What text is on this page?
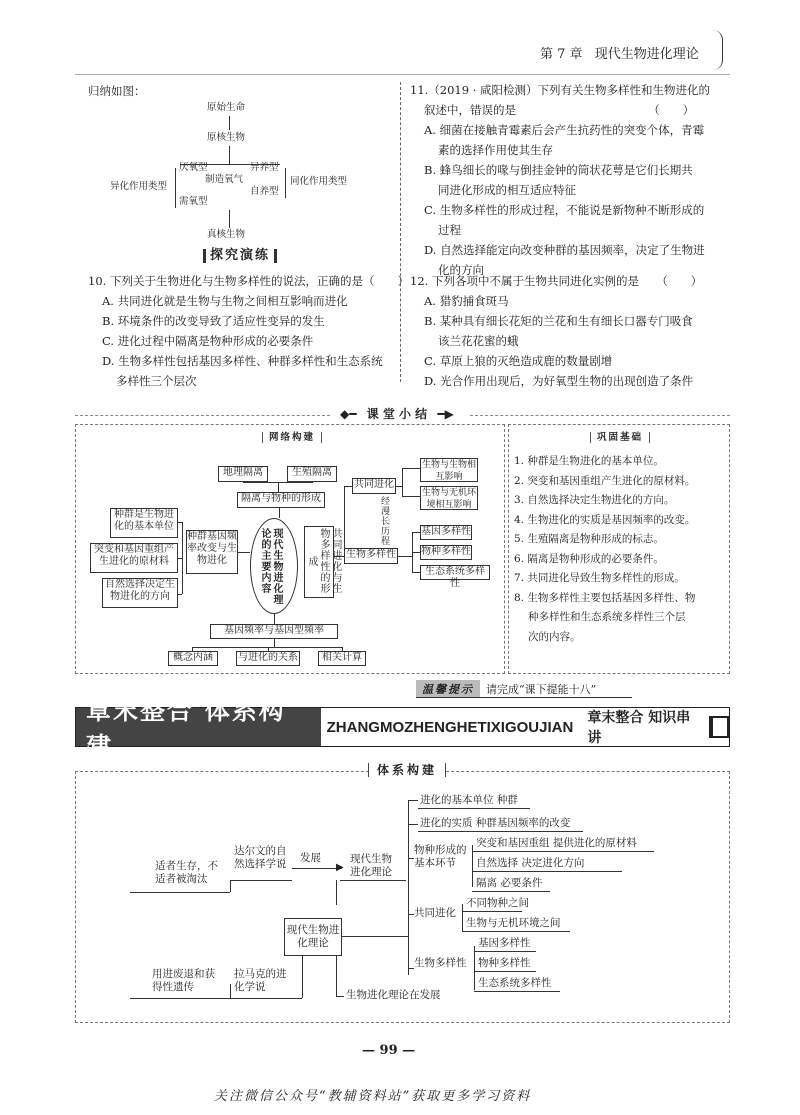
第 7 章 现代生物进化理论
归纳如图：
原始生命
原核生物
厌氧型	异养型
制造氧气
自养型
需氧型
异化作用类型	同化作用类型
真核生物
探究演练
10. 下列关于生物进化与生物多样性的说法，正确的是（　　）
A. 共同进化就是生物与生物之间相互影响而进化
B. 环境条件的改变导致了适应性变异的发生
C. 进化过程中隔离是物种形成的必要条件
D. 生物多样性包括基因多样性、种群多样性和生态系统
多样性三个层次
11.（2019 · 咸阳检测）下列有关生物多样性和生物进化的
叙述中，错误的是　　　　　　　　　　　　（　　）
A. 细菌在接触青霉素后会产生抗药性的突变个体，青霉
素的选择作用使其生存
B. 蜂鸟细长的喙与倒挂金钟的筒状花萼是它们长期共
同进化形成的相互适应特征
C. 生物多样性的形成过程，不能说是新物种不断形成的
过程
D. 自然选择能定向改变种群的基因频率，决定了生物进
化的方向
12. 下列各项中不属于生物共同进化实例的是　　（　　）
A. 猎豹捕食斑马
B. 某种具有细长花矩的兰花和生有细长口器专门吸食
该兰花花蜜的蛾
C. 草原上狼的灭绝造成鹿的数量剧增
D. 光合作用出现后，为好氧型生物的出现创造了条件
◆━ 课 堂 小 结 ━▶
网络构建	巩固基础
地理隔离	生殖隔离
隔离与物种的形成
种群是生物进化的基本单位
突变和基因重组产生进化的原材料
自然选择决定生物进化的方向
种群基因频率改变与生物进化	现代生物进化理论的主要内容	共同进化与生物多样性的形成
共同进化
生物多样性
经漫长历程
生物与生物相互影响
生物与无机环境相互影响
基因多样性
物种多样性
生态系统多样性
基因频率与基因型频率
概念内涵	与进化的关系	相关计算
1. 种群是生物进化的基本单位。
2. 突变和基因重组产生进化的原材料。
3. 自然选择决定生物进化的方向。
4. 生物进化的实质是基因频率的改变。
5. 生殖隔离是物种形成的标志。
6. 隔离是物种形成的必要条件。
7. 共同进化导致生物多样性的形成。
8. 生物多样性主要包括基因多样性、物
种多样性和生态系统多样性三个层
次的内容。
温馨提示	请完成“课下提能十八”
章末整合 体系构建
ZHANGMOZHENGHETIXIGOUJIAN
章末整合 知识串讲
体系构建
适者生存，不适者被淘汰
达尔文的自然选择学说 发展
▶
现代生物进化理论
现代生物进化理论
生物进化理论在发展
用进废退和获得性遗传
拉马克的进化学说
进化的基本单位 种群
进化的实质 种群基因频率的改变
物种形成的基本环节
突变和基因重组 提供进化的原材料
自然选择 决定进化方向
隔离 必要条件
共同进化
不同物种之间
生物与无机环境之间
生物多样性
基因多样性
物种多样性
生态系统多样性
— 99 —
关注微信公众号“教辅资料站”获取更多学习资料
